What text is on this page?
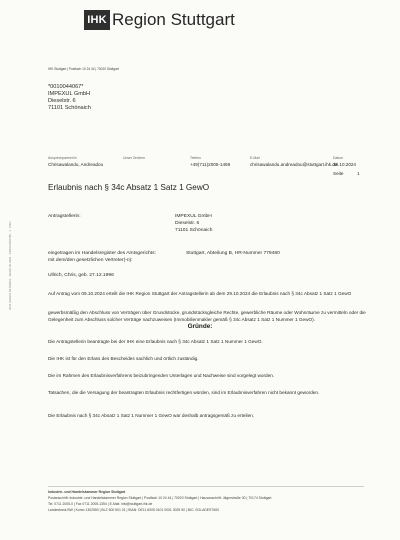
IHK Region Stuttgart
IHK Stuttgart | Postfach 10 24 44 | 70020 Stuttgart
*0010044067*
IMPEXUL GmbH
Dieselstr. 6
71101 Schönaich
Ansprechpartner/in
Chrisawalandu, Andreadou
Unser Zeichen	Telefon
+49(711)2005-1469
E-Mail
chrisawalandu.andreadou@stuttgart.ihk.de
Datum
28.10.2024
Seite	1
Erlaubnis nach § 34c Absatz 1 Satz 1 GewO
Antragstellerin:	IMPEXUL GmbH
Dieselstr. 6
71101 Schönaich
eingetragen im Handelsregister des Amtsgerichts:	Stuttgart, Abteilung B, HR-Nummer 779480
mit dem/den gesetzlichen Vertreter(-n):
Ullrich, Chris, geb. 27.12.1996
Auf Antrag vom 09.10.2024 erteilt die IHK Region Stuttgart der Antragstellerin ab dem 29.10.2024 die Erlaubnis nach § 34c Absatz 1 Satz 1 GewO
gewerbsmäßig den Abschluss von Verträgen über Grundstücke, grundstücksgleiche Rechte, gewerbliche Räume oder Wohnräume zu vermitteln oder die Gelegenheit zum Abschluss solcher Verträge nachzuweisen (Immobilienmakler gemäß § 34c Absatz 1 Satz 1 Nummer 1 GewO).
Gründe:
Die Antragstellerin beantragte bei der IHK eine Erlaubnis nach § 34c Absatz 1 Satz 1 Nummer 1 GewO.
Die IHK ist für den Erlass des Bescheides sachlich und örtlich zuständig.
Die im Rahmen des Erlaubnisverfahrens beizubringenden Unterlagen und Nachweise sind vorgelegt worden.
Tatsachen, die die Versagung der beantragten Erlaubnis rechtfertigen würden, sind im Erlaubnisverfahren nicht bekannt geworden.
Die Erlaubnis nach § 34c Absatz 1 Satz 1 Nummer 1 GewO war deshalb antragsgemäß zu erteilen.
Industrie- und Handelskammer Region Stuttgart
Postanschrift: Industrie- und Handelskammer Region Stuttgart | Postfach 10 24 44 | 70020 Stuttgart | Hausanschrift: Jägerstraße 30 | 70174 Stuttgart
Tel. 0711 2005-0 | Fax 0711 2005-1354 | E-Mail: info@stuttgart.ihk.de
Landesbank BW | Konto 1302550 | BLZ 600 501 01 | IBAN: DE11 6005 0101 0001 3025 50 | BIC: SOLADEST600
2024 H03N61 NFSDIA01 · AEWD 00-3434 · 2400123456789 · 1 · 0001
